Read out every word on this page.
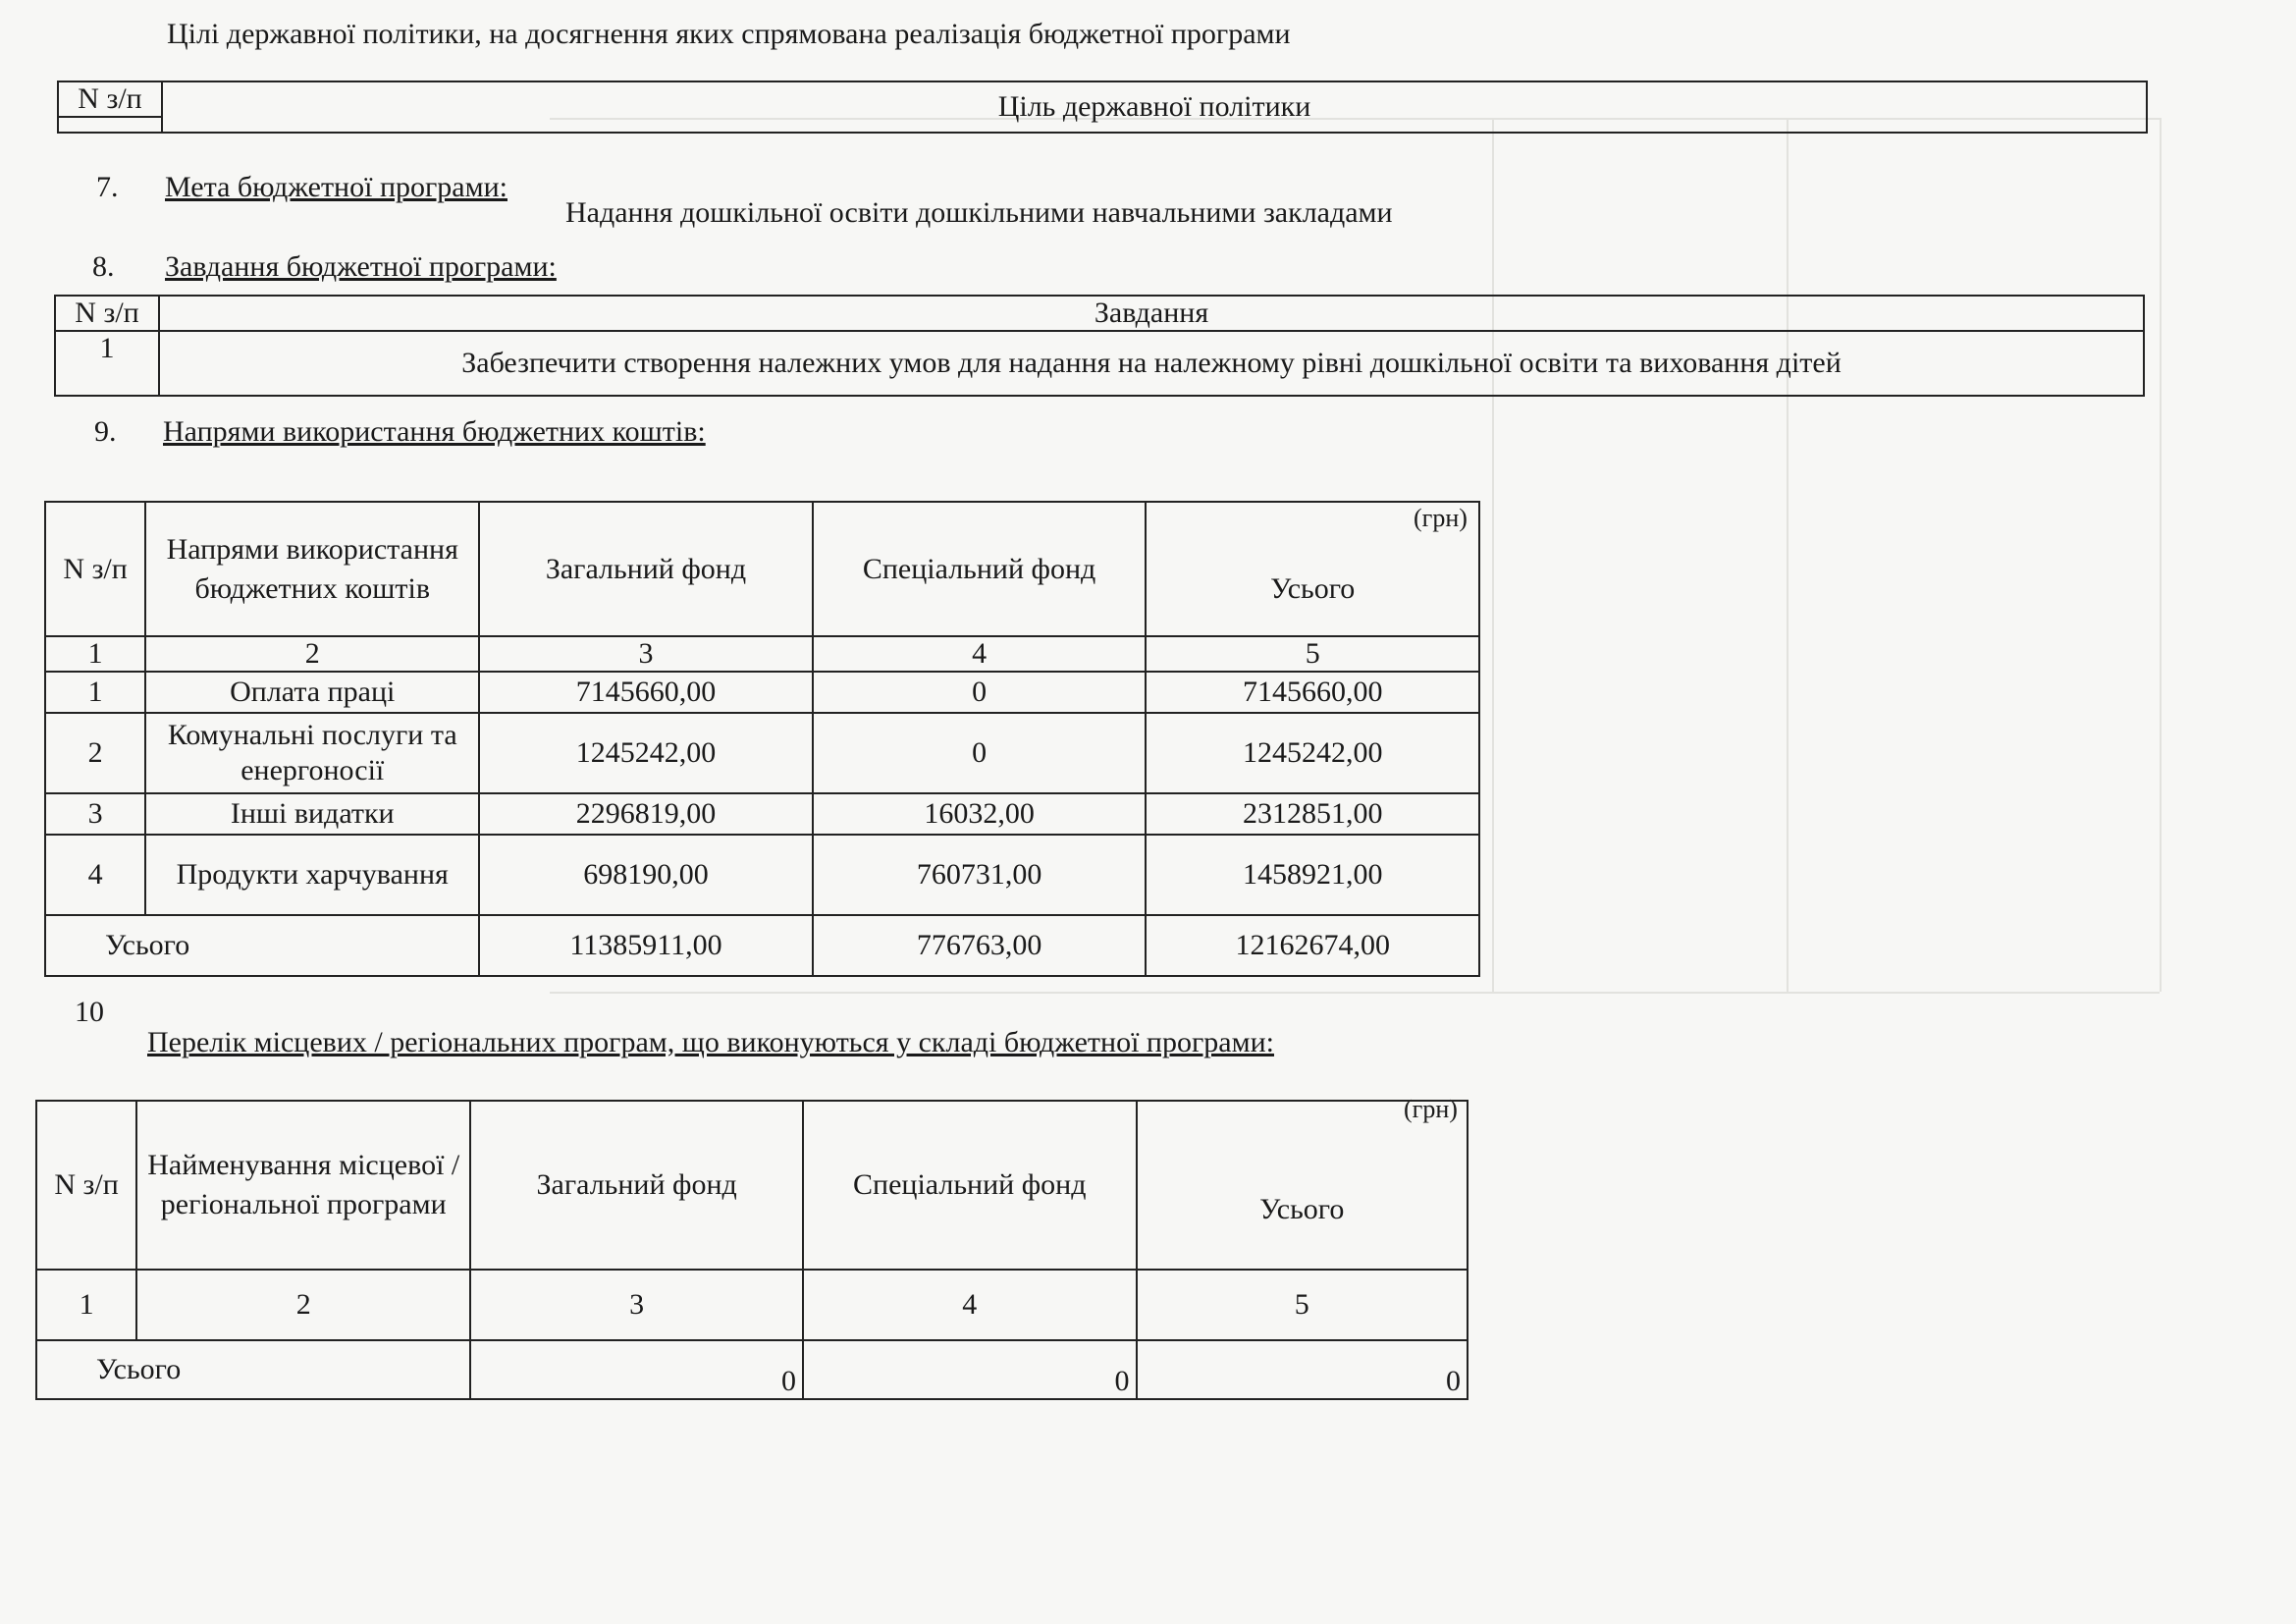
Цілі державної політики, на досягнення яких спрямована реалізація бюджетної програми
N з/п	Ціль державної політики

7. Мета бюджетної програми:
Надання дошкільної освіти дошкільними навчальними закладами
8. Завдання бюджетної програми:
N з/п	Завдання
1	Забезпечити створення належних умов для надання на належному рівні дошкільної освіти та виховання дітей
9. Напрями використання бюджетних коштів:
(грн)
N з/п	Напрями використання бюджетних коштів	Загальний фонд	Спеціальний фонд	Усього
1	2	3	4	5
1	Оплата праці	7145660,00	0	7145660,00
2	Комунальні послуги та енергоносії	1245242,00	0	1245242,00
3	Інші видатки	2296819,00	16032,00	2312851,00
4	Продукти харчування	698190,00	760731,00	1458921,00
Усього		11385911,00	776763,00	12162674,00
10
Перелік місцевих / регіональних програм, що виконуються у складі бюджетної програми:
(грн)
N з/п	Найменування місцевої / регіональної програми	Загальний фонд	Спеціальний фонд	Усього
1	2	3	4	5
Усього		0	0	0
